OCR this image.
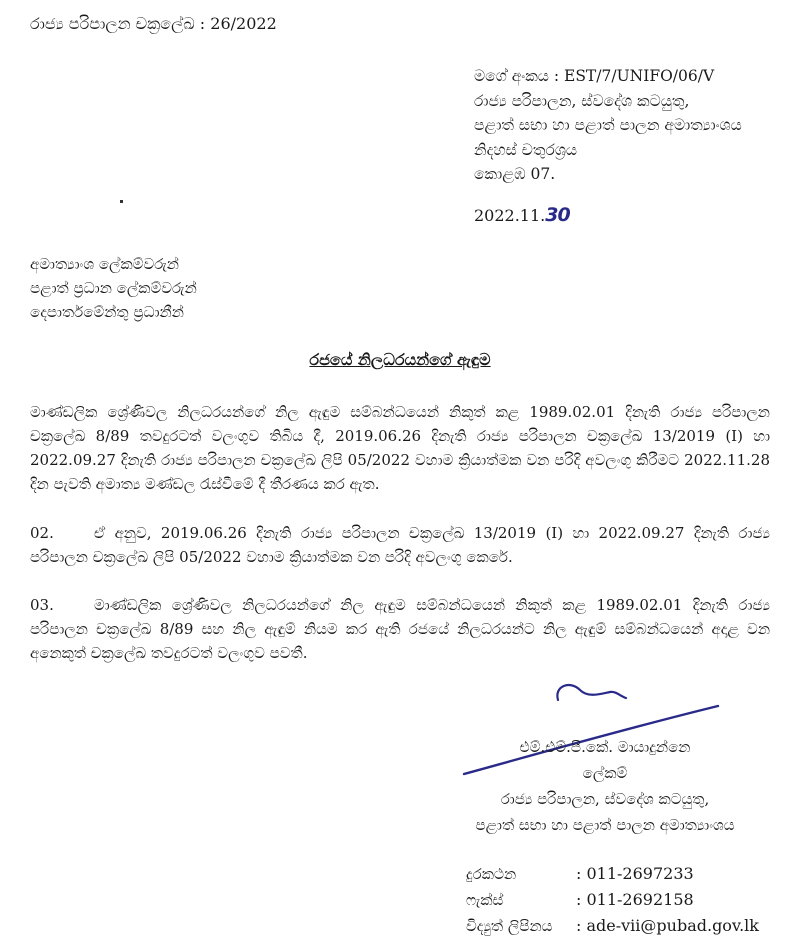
රාජ්‍ය පරිපාලන චක්‍රලේඛ : 26/2022
මගේ අංකය : EST/7/UNIFO/06/V
රාජ්‍ය පරිපාලන, ස්වදේශ කටයුතු,
පළාත් සභා හා පළාත් පාලන අමාත්‍යාංශය
නිදහස් චතුරශ්‍රය
කොළඹ 07.
2022.11.30
අමාත්‍යාංශ ලේකම්වරුන්
පළාත් ප්‍රධාන ලේකම්වරුන්
දෙපාර්තමේන්තු ප්‍රධානීන්
රජයේ නිලධරයන්ගේ ඇඳුම
මාණ්ඩලික ශ්‍රේණිවල නිලධරයන්ගේ නිල ඇඳුම සම්බන්ධයෙන් නිකුත් කළ 1989.02.01 දිනැති රාජ්‍ය පරිපාලන චක්‍රලේඛ 8/89 තවදුරටත් වලංගුව තිබිය දී, 2019.06.26 දිනැති රාජ්‍ය පරිපාලන චක්‍රලේඛ 13/2019 (I) හා 2022.09.27 දිනැති රාජ්‍ය පරිපාලන චක්‍රලේඛ ලිපි 05/2022 වහාම ක්‍රියාත්මක වන පරිදි අවලංගු කිරීමට 2022.11.28 දින පැවති අමාත්‍ය මණ්ඩල රැස්වීමේ දී තීරණය කර ඇත.
02.	ඒ අනුව, 2019.06.26 දිනැති රාජ්‍ය පරිපාලන චක්‍රලේඛ 13/2019 (I) හා 2022.09.27 දිනැති රාජ්‍ය පරිපාලන චක්‍රලේඛ ලිපි 05/2022 වහාම ක්‍රියාත්මක වන පරිදි අවලංගු කෙරේ.
03.	මාණ්ඩලික ශ්‍රේණිවල නිලධරයන්ගේ නිල ඇඳුම සම්බන්ධයෙන් නිකුත් කළ 1989.02.01 දිනැති රාජ්‍ය පරිපාලන චක්‍රලේඛ 8/89 සහ නිල ඇඳුම් නියම කර ඇති රජයේ නිලධරයන්ට නිල ඇඳුම් සම්බන්ධයෙන් අදාළ වන අනෙකුත් චක්‍රලේඛ තවදුරටත් වලංගුව පවතී.
එම්.එම්.පී.කේ. මායාදුන්නෙ
ලේකම්
රාජ්‍ය පරිපාලන, ස්වදේශ කටයුතු,
පළාත් සභා හා පළාත් පාලන අමාත්‍යාංශය
දුරකථන	: 011-2697233
ෆැක්ස්	: 011-2692158
විද්‍යුත් ලිපිනය : ade-vii@pubad.gov.lk
